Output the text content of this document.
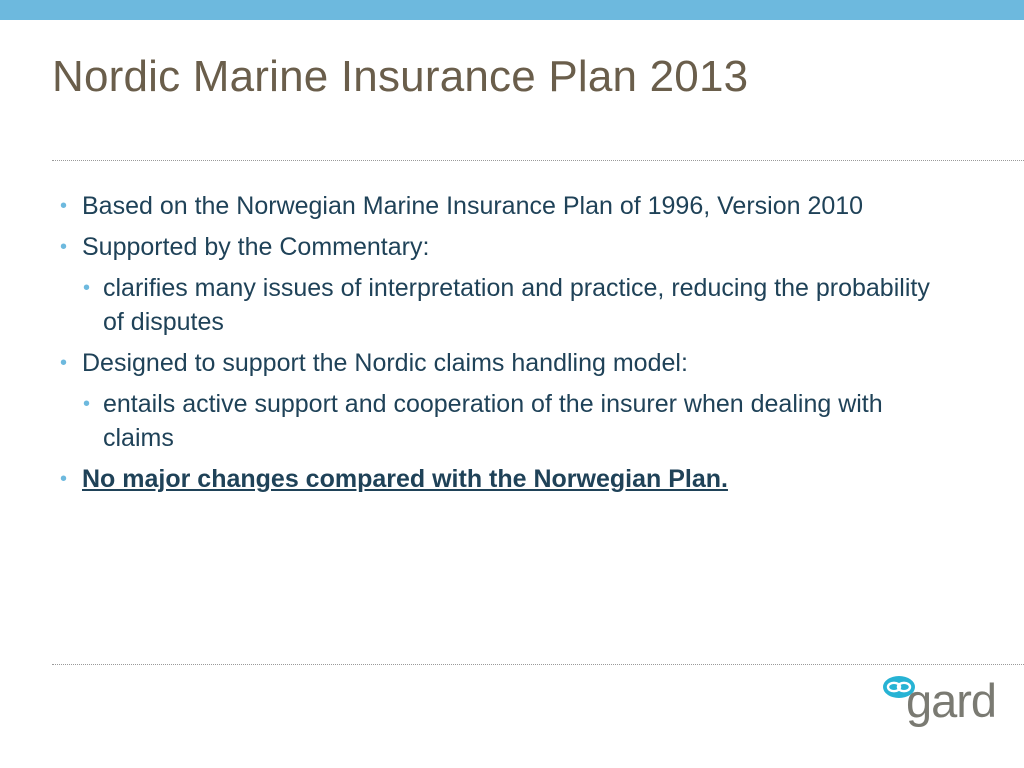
Nordic Marine Insurance Plan 2013
• Based on the Norwegian Marine Insurance Plan of 1996, Version 2010
• Supported by the Commentary:
• clarifies many issues of interpretation and practice, reducing the probability of disputes
• Designed to support the Nordic claims handling model:
• entails active support and cooperation of the insurer when dealing with claims
• No major changes compared with the Norwegian Plan.
gard
